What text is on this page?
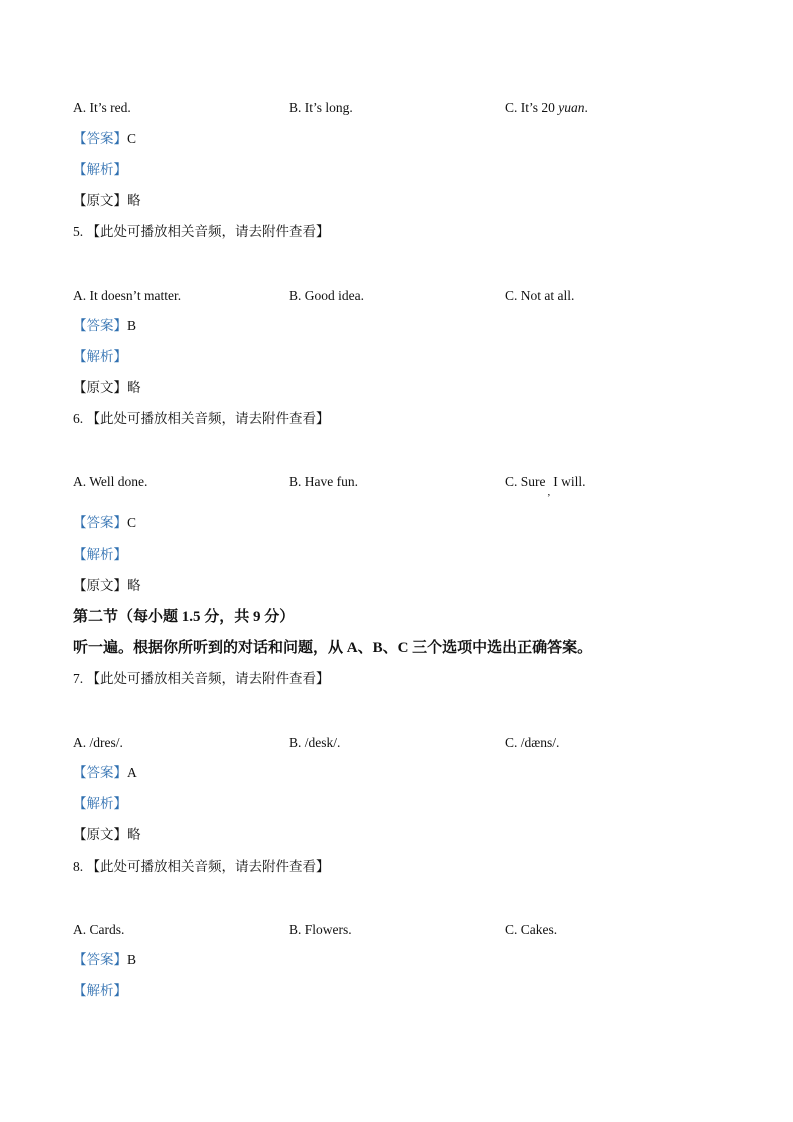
A. It’s red.	B. It’s long.	C. It’s 20 yuan.
【答案】C
【解析】
【原文】略
5. 【此处可播放相关音频，请去附件查看】
A. It doesn’t matter.	B. Good idea.	C. Not at all.
【答案】B
【解析】
【原文】略
6. 【此处可播放相关音频，请去附件查看】
A. Well done.	B. Have fun.	C. Sure$_,$I will.
【答案】C
【解析】
【原文】略
第二节（每小题 1.5 分，共 9 分）
听一遍。根据你所听到的对话和问题，从 A、B、C 三个选项中选出正确答案。
7. 【此处可播放相关音频，请去附件查看】
A. /dres/.	B. /desk/.	C. /dæns/.
【答案】A
【解析】
【原文】略
8. 【此处可播放相关音频，请去附件查看】
A. Cards.	B. Flowers.	C. Cakes.
【答案】B
【解析】
